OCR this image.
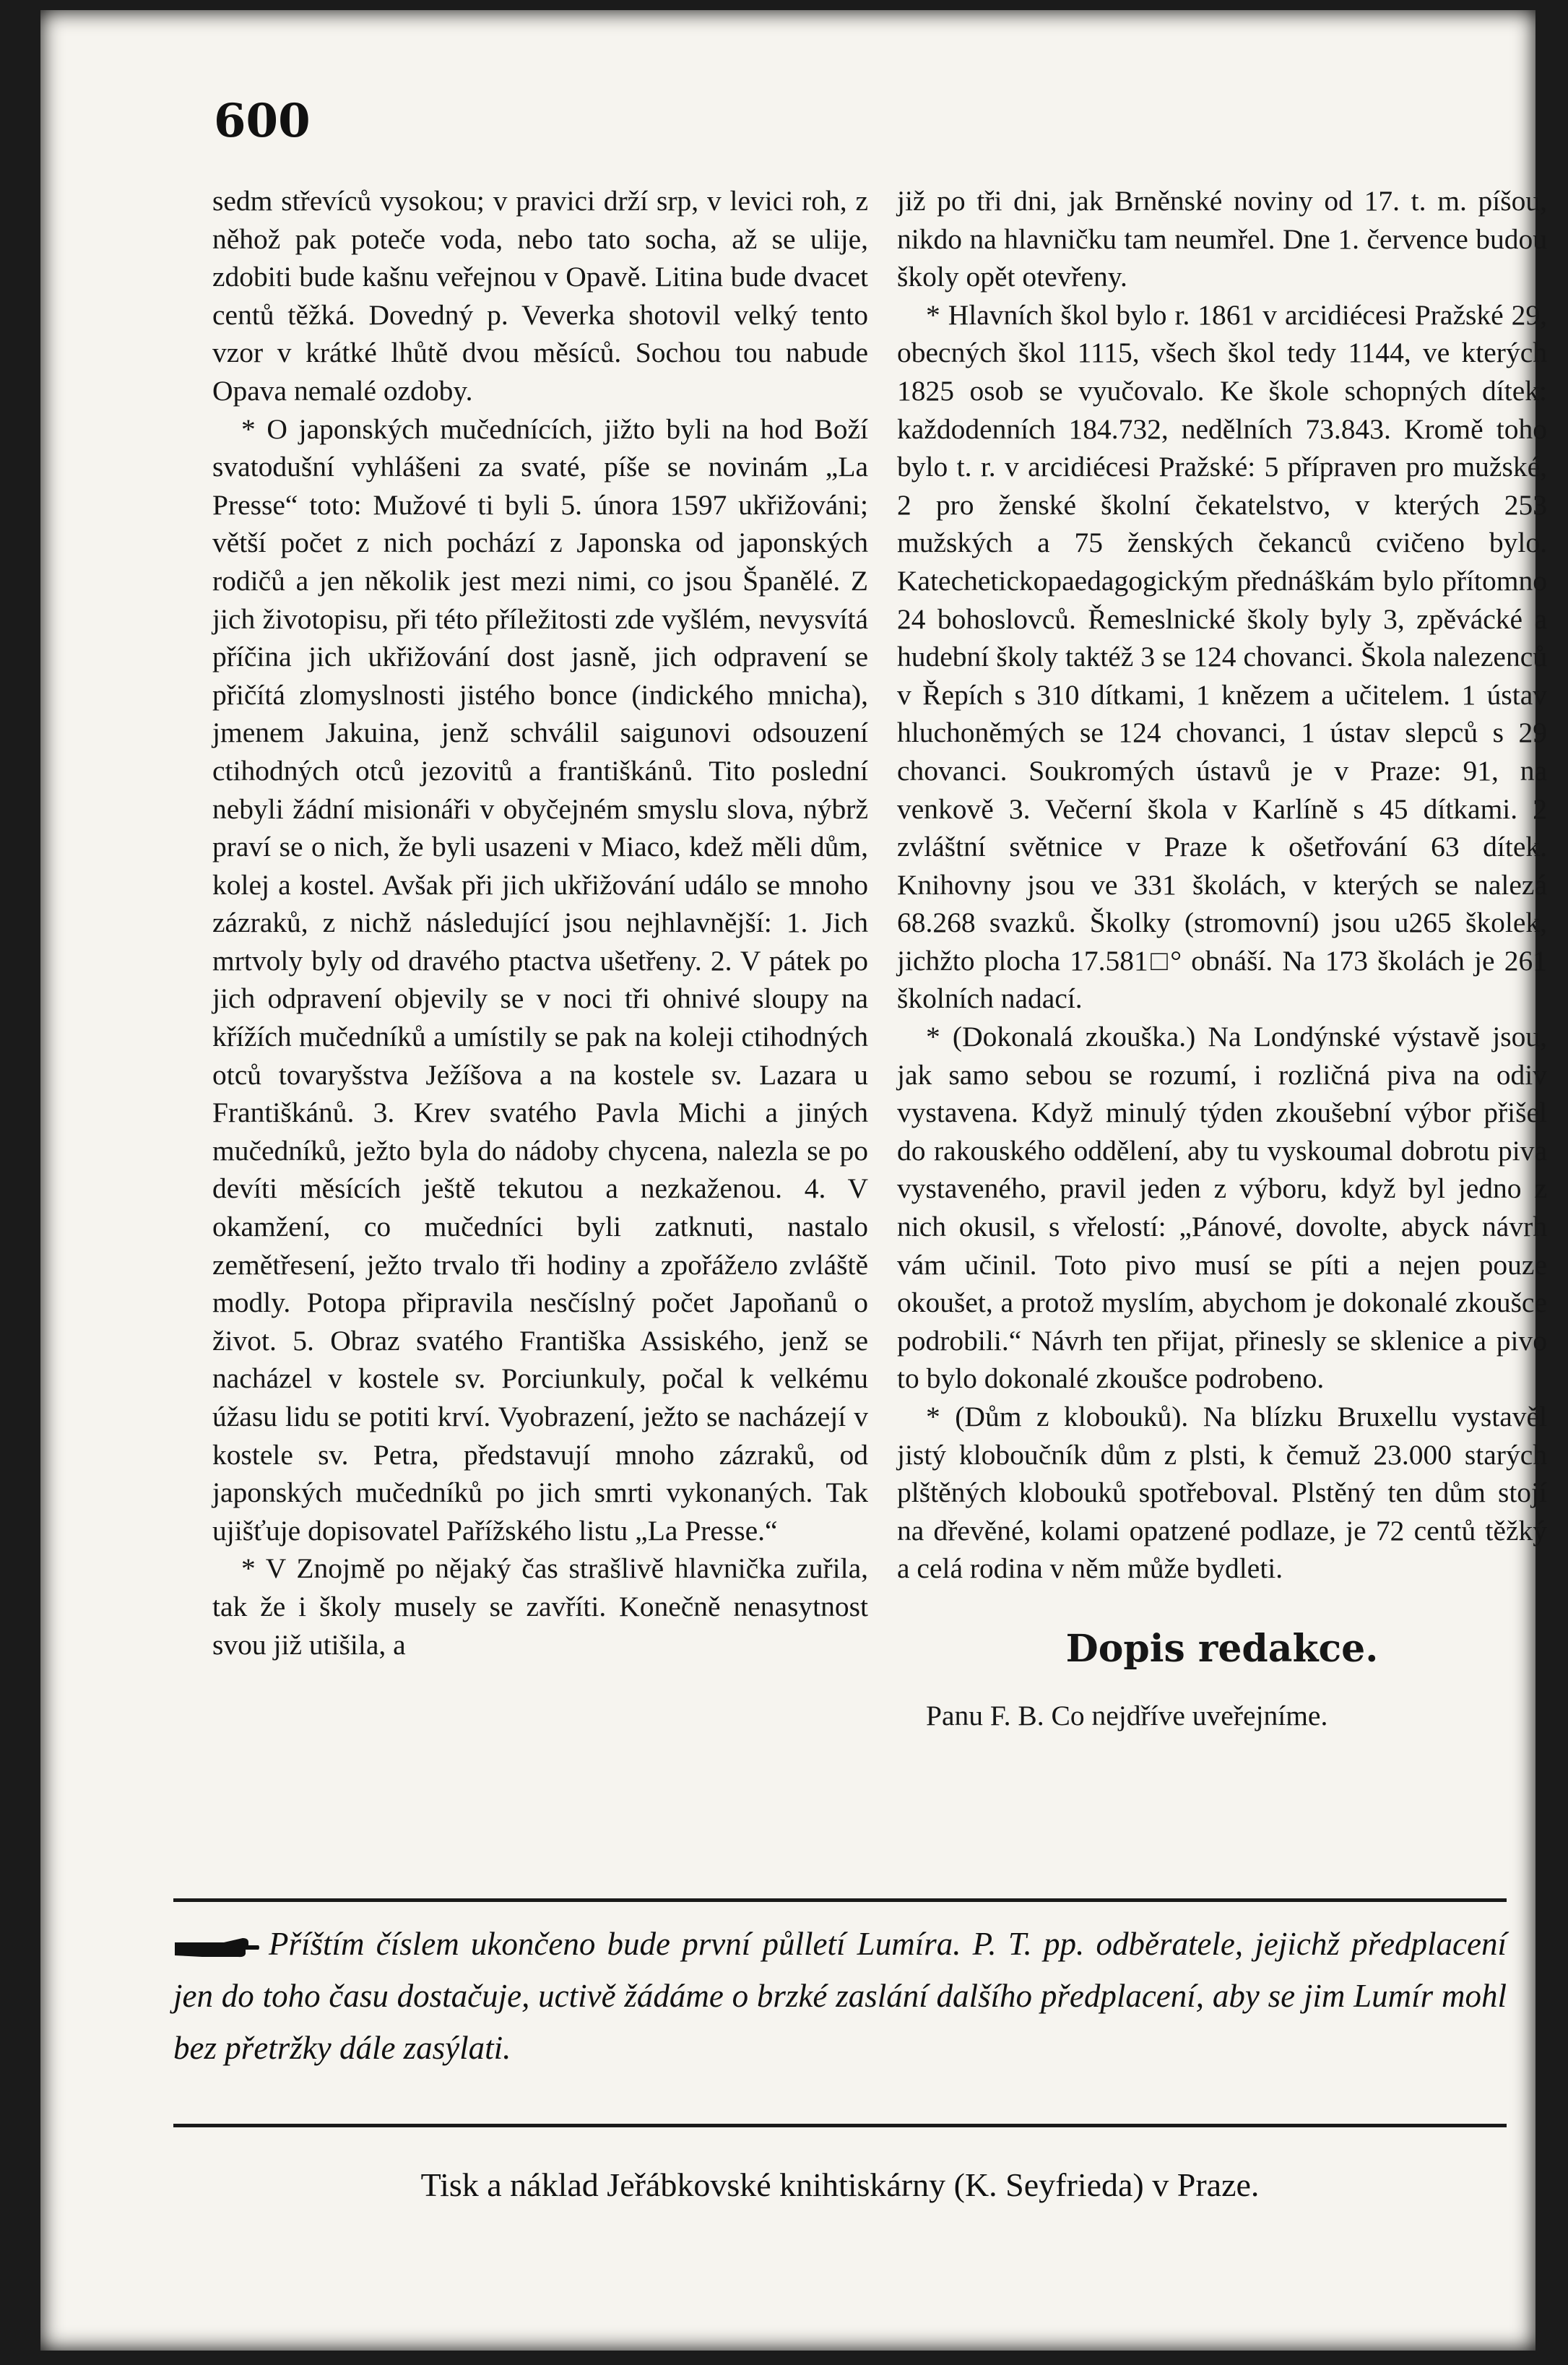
600

sedm střevíců vysokou; v pravici drží srp, v levici roh, z něhož pak poteče voda, nebo tato socha, až se ulije, zdobiti bude kašnu veřejnou v Opavě. Litina bude dvacet centů těžká. Dovedný p. Veverka shotovil velký tento vzor v krátké lhůtě dvou měsíců. Sochou tou nabude Opava nemalé ozdoby.

* O japonských mučednících, jižto byli na hod Boží svatodušní vyhlášeni za svaté, píše se novinám „La Presse“ toto: Mužové ti byli 5. února 1597 ukřižováni; větší počet z nich pochází z Japonska od japonských rodičů a jen několik jest mezi nimi, co jsou Španělé. Z jich životopisu, při této příležitosti zde vyšlém, nevysvítá příčina jich ukřižování dost jasně, jich odpravení se přičítá zlomyslnosti jistého bonce (indického mnicha), jmenem Jakuina, jenž schválil saigunovi odsouzení ctihodných otců jezovitů a františkánů. Tito poslední nebyli žádní misionáři v obyčejném smyslu slova, nýbrž praví se o nich, že byli usazeni v Miaco, kdež měli dům, kolej a kostel. Avšak při jich ukřižování událo se mnoho zázraků, z nichž následující jsou nejhlavnější: 1. Jich mrtvoly byly od dravého ptactva ušetřeny. 2. V pátek po jich odpravení objevily se v noci tři ohnivé sloupy na křížích mučedníků a umístily se pak na koleji ctihodných otců tovaryšstva Ježíšova a na kostele sv. Lazara u Františkánů. 3. Krev svatého Pavla Michi a jiných mučedníků, ježto byla do nádoby chycena, nalezla se po devíti měsících ještě tekutou a nezkaženou. 4. V okamžení, co mučedníci byli zatknuti, nastalo zemětřesení, ježto trvalo tři hodiny a zpořážело zvláště modly. Potopa připravila nesčíslný počet Japoňanů o život. 5. Obraz svatého Františka Assiského, jenž se nacházel v kostele sv. Porciunkuly, počal k velkému úžasu lidu se potiti krví. Vyobrazení, ježto se nacházejí v kostele sv. Petra, představují mnoho zázraků, od japonských mučedníků po jich smrti vykonaných. Tak ujišťuje dopisovatel Pařížského listu „La Presse.“

* V Znojmě po nějaký čas strašlivě hlavnička zuřila, tak že i školy musely se zavříti. Konečně nenasytnost svou již utišila, a

již po tři dni, jak Brněnské noviny od 17. t. m. píšou, nikdo na hlavničku tam neumřel. Dne 1. července budou školy opět otevřeny.

* Hlavních škol bylo r. 1861 v arcidiécesi Pražské 29, obecných škol 1115, všech škol tedy 1144, ve kterých 1825 osob se vyučovalo. Ke škole schopných dítek: každodenních 184.732, nedělních 73.843. Kromě toho bylo t. r. v arcidiécesi Pražské: 5 přípraven pro mužské, 2 pro ženské školní čekatelstvo, v kterých 253 mužských a 75 ženských čekanců cvičeno bylo. Katechetickopaedagogickým přednáškám bylo přítomno 24 bohoslovců. Řemeslnické školy byly 3, zpěvácké a hudební školy taktéž 3 se 124 chovanci. Škola nalezenců v Řepích s 310 dítkami, 1 knězem a učitelem. 1 ústav hluchoněmých se 124 chovanci, 1 ústav slepců s 29 chovanci. Soukromých ústavů je v Praze: 91, na venkově 3. Večerní škola v Karlíně s 45 dítkami. 2 zvláštní světnice v Praze k ošetřování 63 dítek. Knihovny jsou ve 331 školách, v kterých se nalezá 68.268 svazků. Školky (stromovní) jsou u265 školek, jichžto plocha 17.581□° obnáší. Na 173 školách je 261 školních nadací.

* (Dokonalá zkouška.) Na Londýnské výstavě jsou, jak samo sebou se rozumí, i rozličná piva na odiv vystavena. Když minulý týden zkoušební výbor přišel do rakouského oddělení, aby tu vyskoumal dobrotu piva vystaveného, pravil jeden z výboru, když byl jedno z nich okusil, s vřelostí: „Pánové, dovolte, abyck návrh vám učinil. Toto pivo musí se píti a nejen pouze okoušet, a protož myslím, abychom je dokonalé zkoušce podrobili.“ Návrh ten přijat, přinesly se sklenice a pivo to bylo dokonalé zkoušce podrobeno.

* (Dům z klobouků). Na blízku Bruxellu vystavěl jistý kloboučník dům z plsti, k čemuž 23.000 starých plštěných klobouků spotřeboval. Plstěný ten dům stojí na dřevěné, kolami opatzené podlaze, je 72 centů těžký a celá rodina v něm může bydleti.

Dopis redakce.

Panu F. B. Co nejdříve uveřejníme.

Příštím číslem ukončeno bude první půlletí Lumíra. P. T. pp. odběratele, jejichž předplacení jen do toho času dostačuje, uctivě žádáme o brzké zaslání dalšího předplacení, aby se jim Lumír mohl bez přetržky dále zasýlati.
Tisk a náklad Jeřábkovské knihtiskárny (K. Seyfrieda) v Praze.
